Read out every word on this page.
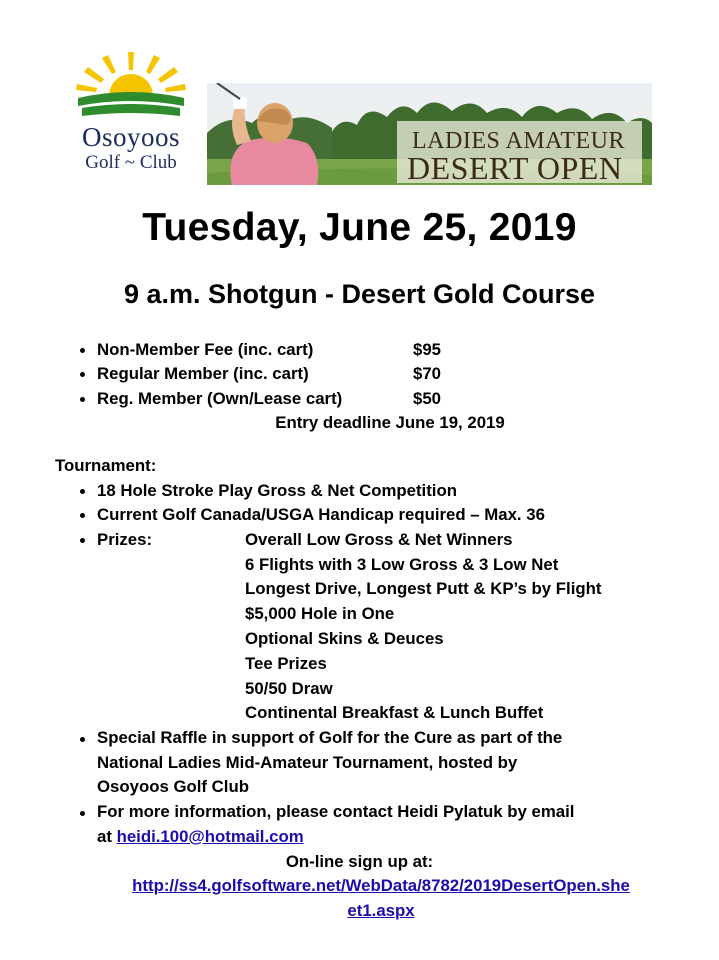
Osoyoos
Golf ~ Club
LADIES AMATEUR
DESERT OPEN
Tuesday, June 25, 2019
9 a.m. Shotgun - Desert Gold Course
Non-Member Fee (inc. cart)	$95
Regular Member (inc. cart)	$70
Reg. Member (Own/Lease cart)	$50
Entry deadline June 19, 2019
Tournament:
18 Hole Stroke Play Gross & Net Competition
Current Golf Canada/USGA Handicap required – Max. 36
Prizes:	Overall Low Gross & Net Winners
6 Flights with 3 Low Gross & 3 Low Net
Longest Drive, Longest Putt & KP’s by Flight
$5,000 Hole in One
Optional Skins & Deuces
Tee Prizes
50/50 Draw
Continental Breakfast & Lunch Buffet
Special Raffle in support of Golf for the Cure as part of the
National Ladies Mid-Amateur Tournament, hosted by
Osoyoos Golf Club
For more information, please contact Heidi Pylatuk by email
at heidi.100@hotmail.com
On-line sign up at:
http://ss4.golfsoftware.net/WebData/8782/2019DesertOpen.she
et1.aspx
